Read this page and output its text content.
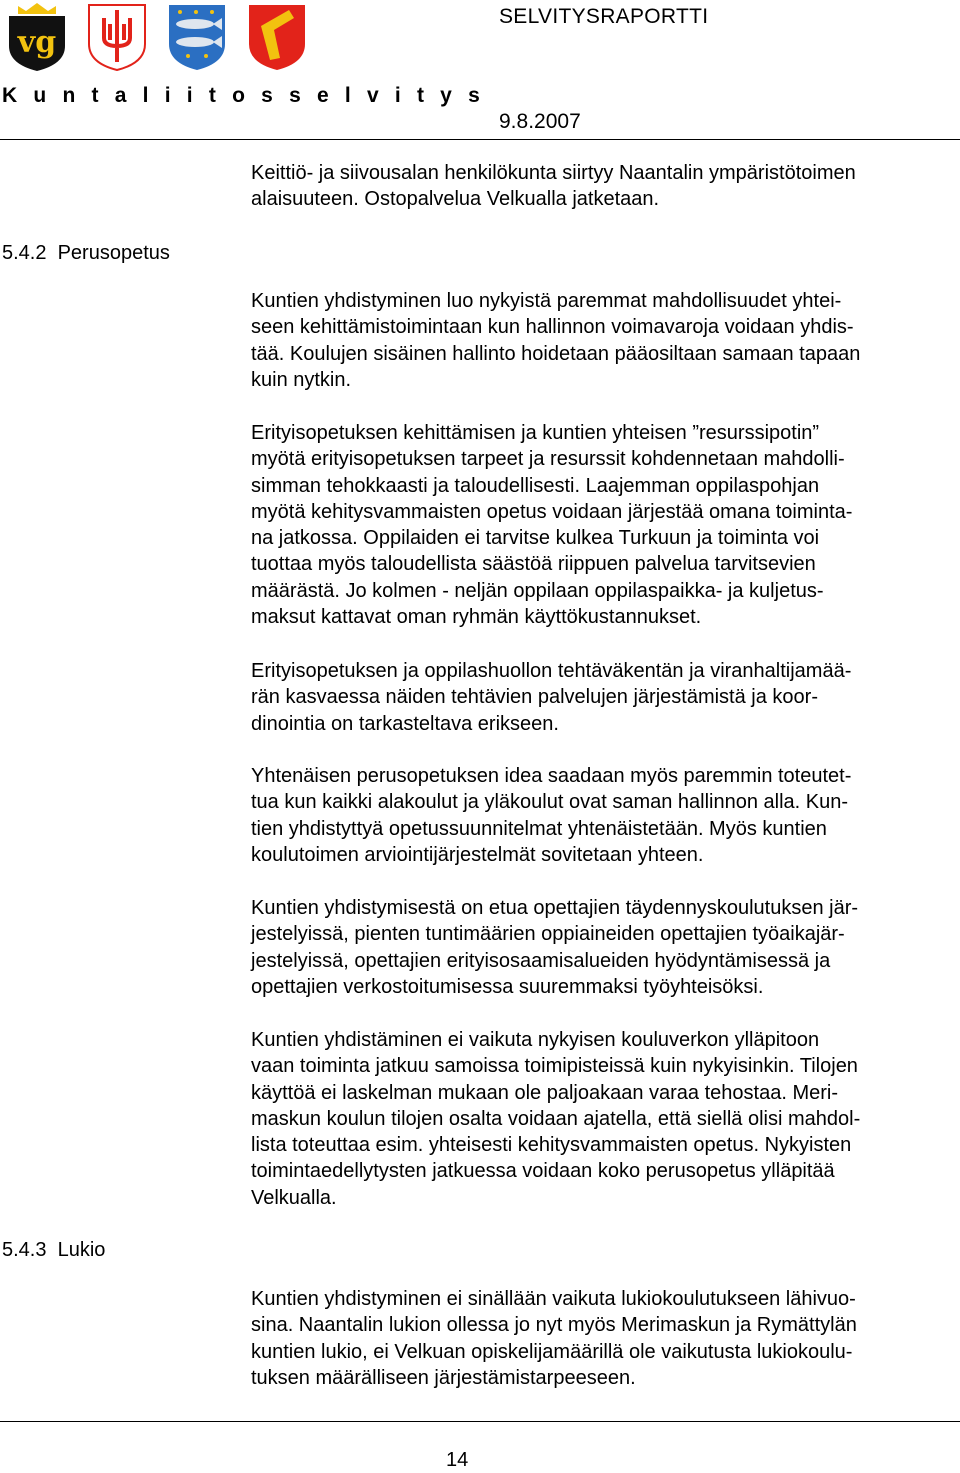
vg
SELVITYSRAPORTTI
K u n t a l i i t o s s e l v i t y s
9.8.2007

Keittiö- ja siivousalan henkilökunta siirtyy Naantalin ympäristötoimen
alaisuuteen. Ostopalvelua Velkualla jatketaan.

5.4.2  Perusopetus

Kuntien yhdistyminen luo nykyistä paremmat mahdollisuudet yhtei-
seen kehittämistoimintaan kun hallinnon voimavaroja voidaan yhdis-
tää. Koulujen sisäinen hallinto hoidetaan pääosiltaan samaan tapaan
kuin nytkin.

Erityisopetuksen kehittämisen ja kuntien yhteisen ”resurssipotin”
myötä erityisopetuksen tarpeet ja resurssit kohdennetaan mahdolli-
simman tehokkaasti ja taloudellisesti. Laajemman oppilaspohjan
myötä kehitysvammaisten opetus voidaan järjestää omana toiminta-
na jatkossa. Oppilaiden ei tarvitse kulkea Turkuun ja toiminta voi
tuottaa myös taloudellista säästöä riippuen palvelua tarvitsevien
määrästä. Jo kolmen - neljän oppilaan oppilaspaikka- ja kuljetus-
maksut kattavat oman ryhmän käyttökustannukset.

Erityisopetuksen ja oppilashuollon tehtäväkentän ja viranhaltijamää-
rän kasvaessa näiden tehtävien palvelujen järjestämistä ja koor-
dinointia on tarkasteltava erikseen.

Yhtenäisen perusopetuksen idea saadaan myös paremmin toteutet-
tua kun kaikki alakoulut ja yläkoulut ovat saman hallinnon alla. Kun-
tien yhdistyttyä opetussuunnitelmat yhtenäistetään. Myös kuntien
koulutoimen arviointijärjestelmät sovitetaan yhteen.

Kuntien yhdistymisestä on etua opettajien täydennyskoulutuksen jär-
jestelyissä, pienten tuntimäärien oppiaineiden opettajien työaikajär-
jestelyissä, opettajien erityisosaamisalueiden hyödyntämisessä ja
opettajien verkostoitumisessa suuremmaksi työyhteisöksi.

Kuntien yhdistäminen ei vaikuta nykyisen kouluverkon ylläpitoon
vaan toiminta jatkuu samoissa toimipisteissä kuin nykyisinkin. Tilojen
käyttöä ei laskelman mukaan ole paljoakaan varaa tehostaa. Meri-
maskun koulun tilojen osalta voidaan ajatella, että siellä olisi mahdol-
lista toteuttaa esim. yhteisesti kehitysvammaisten opetus. Nykyisten
toimintaedellytysten jatkuessa voidaan koko perusopetus ylläpitää
Velkualla.

5.4.3  Lukio

Kuntien yhdistyminen ei sinällään vaikuta lukiokoulutukseen lähivuo-
sina. Naantalin lukion ollessa jo nyt myös Merimaskun ja Rymättylän
kuntien lukio, ei Velkuan opiskelijamäärillä ole vaikutusta lukiokoulu-
tuksen määrälliseen järjestämistarpeeseen.

14
